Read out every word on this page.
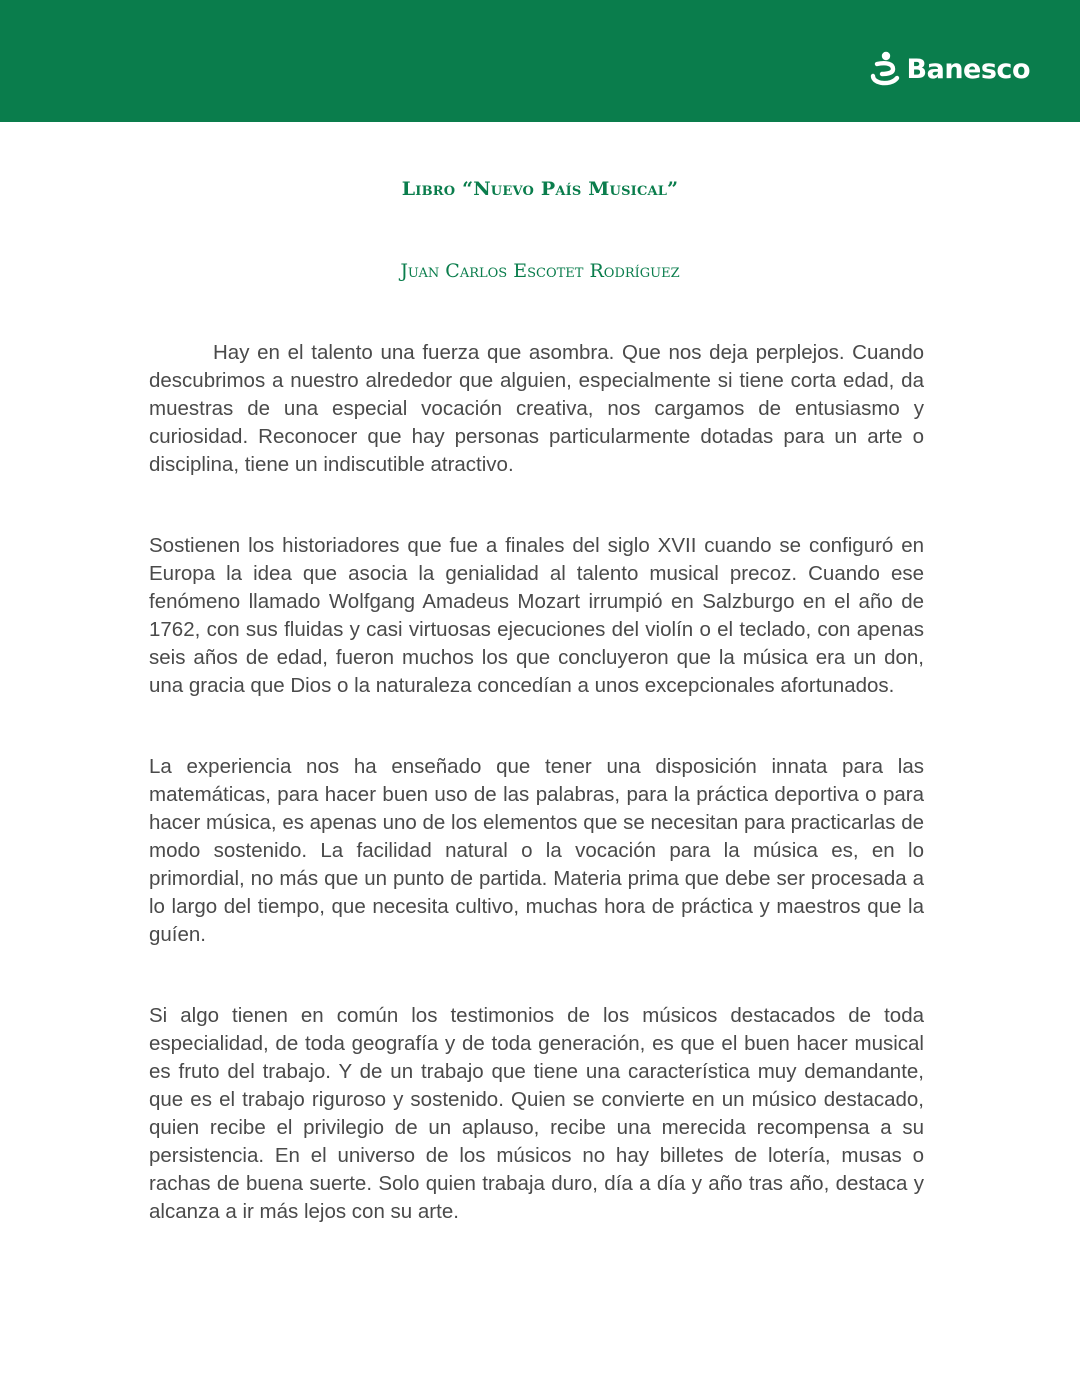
Banesco
Libro “Nuevo País Musical”
Juan Carlos Escotet Rodríguez

Hay en el talento una fuerza que asombra. Que nos deja perplejos. Cuando descubrimos a nuestro alrededor que alguien, especialmente si tiene corta edad, da muestras de una especial vocación creativa, nos cargamos de entusiasmo y curiosidad. Reconocer que hay personas particularmente dotadas para un arte o disciplina, tiene un indiscutible atractivo.

Sostienen los historiadores que fue a finales del siglo XVII cuando se configuró en Europa la idea que asocia la genialidad al talento musical precoz. Cuando ese fenómeno llamado Wolfgang Amadeus Mozart irrumpió en Salzburgo en el año de 1762, con sus fluidas y casi virtuosas ejecuciones del violín o el teclado, con apenas seis años de edad, fueron muchos los que concluyeron que la música era un don, una gracia que Dios o la naturaleza concedían a unos excepcionales afortunados.

La experiencia nos ha enseñado que tener una disposición innata para las matemáticas, para hacer buen uso de las palabras, para la práctica deportiva o para hacer música, es apenas uno de los elementos que se necesitan para practicarlas de modo sostenido. La facilidad natural o la vocación para la música es, en lo primordial, no más que un punto de partida. Materia prima que debe ser procesada a lo largo del tiempo, que necesita cultivo, muchas hora de práctica y maestros que la guíen.

Si algo tienen en común los testimonios de los músicos destacados de toda especialidad, de toda geografía y de toda generación, es que el buen hacer musical es fruto del trabajo. Y de un trabajo que tiene una característica muy demandante, que es el trabajo riguroso y sostenido. Quien se convierte en un músico destacado, quien recibe el privilegio de un aplauso, recibe una merecida recompensa a su persistencia. En el universo de los músicos no hay billetes de lotería, musas o rachas de buena suerte. Solo quien trabaja duro, día a día y año tras año, destaca y alcanza a ir más lejos con su arte.
